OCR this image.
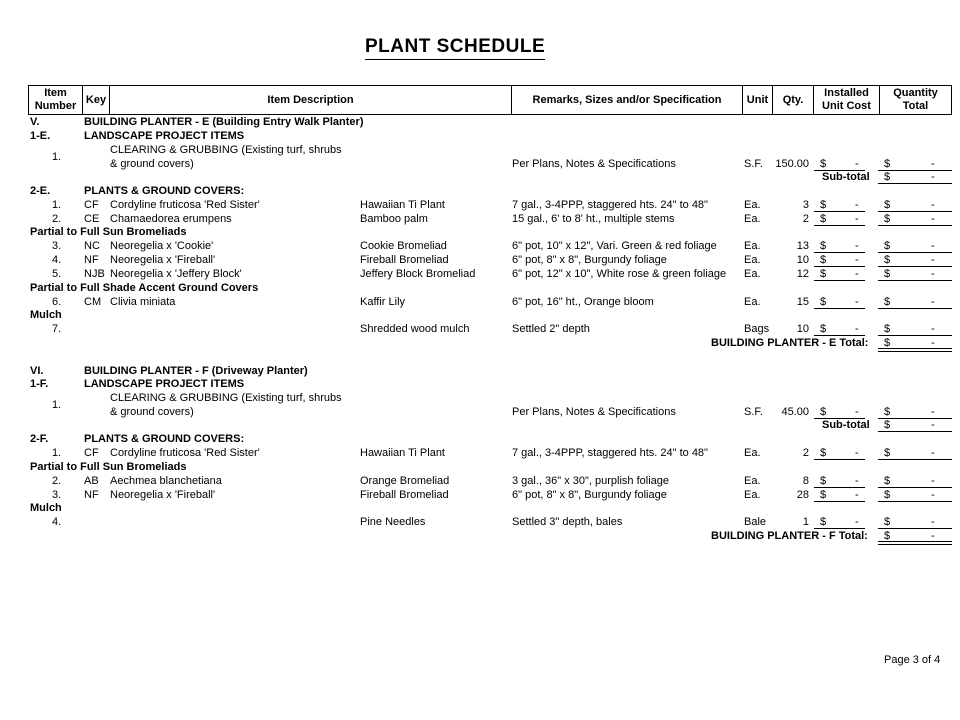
PLANT SCHEDULE
Item
Number
Key	Item Description	Remarks, Sizes and/or Specification	Unit	Qty.
Installed
Unit Cost
Quantity
Total
V.	BUILDING PLANTER - E (Building Entry Walk Planter)
1-E.	LANDSCAPE PROJECT ITEMS
CLEARING & GRUBBING (Existing turf, shrubs
1.
& ground covers)	Per Plans, Notes & Specifications	S.F.	150.00 $	- $	-
Sub-total $	-
2-E.	PLANTS & GROUND COVERS:
1. CF Cordyline fruticosa 'Red Sister'	Hawaiian Ti Plant	7 gal., 3-4PPP, staggered hts. 24" to 48"	Ea.	3 $	- $	-
2. CE Chamaedorea erumpens	Bamboo palm	15 gal., 6' to 8' ht., multiple stems	Ea.	2 $	- $	-
Partial to Full Sun Bromeliads
3. NC Neoregelia x 'Cookie'	Cookie Bromeliad	6" pot, 10" x 12", Vari. Green & red foliage Ea.	13 $	- $	-
4. NF Neoregelia x 'Fireball'	Fireball Bromeliad	6" pot, 8" x 8", Burgundy foliage	Ea.	10 $	- $	-
5. NJB Neoregelia x 'Jeffery Block'	Jeffery Block Bromeliad	6" pot, 12" x 10", White rose & green foliage Ea.	12 $	- $	-
Partial to Full Shade Accent Ground Covers
6. CM Clivia miniata	Kaffir Lily	6" pot, 16" ht., Orange bloom	Ea.	15 $	- $	-
Mulch
7.	Shredded wood mulch	Settled 2" depth	Bags	10 $	- $	-
BUILDING PLANTER - E Total: $	-
VI.	BUILDING PLANTER - F (Driveway Planter)
1-F.	LANDSCAPE PROJECT ITEMS
CLEARING & GRUBBING (Existing turf, shrubs
1.
& ground covers)	Per Plans, Notes & Specifications	S.F.	45.00 $	- $	-
Sub-total $	-
2-F.	PLANTS & GROUND COVERS:
1. CF Cordyline fruticosa 'Red Sister'	Hawaiian Ti Plant	7 gal., 3-4PPP, staggered hts. 24" to 48"	Ea.	2 $	- $	-
Partial to Full Sun Bromeliads
2. AB Aechmea blanchetiana	Orange Bromeliad	3 gal., 36" x 30", purplish foliage	Ea.	8 $	- $	-
3. NF Neoregelia x 'Fireball'	Fireball Bromeliad	6" pot, 8" x 8", Burgundy foliage	Ea.	28 $	- $	-
Mulch
4.	Pine Needles	Settled 3" depth, bales	Bale	1 $	- $	-
BUILDING PLANTER - F Total: $	-
Page 3 of 4
